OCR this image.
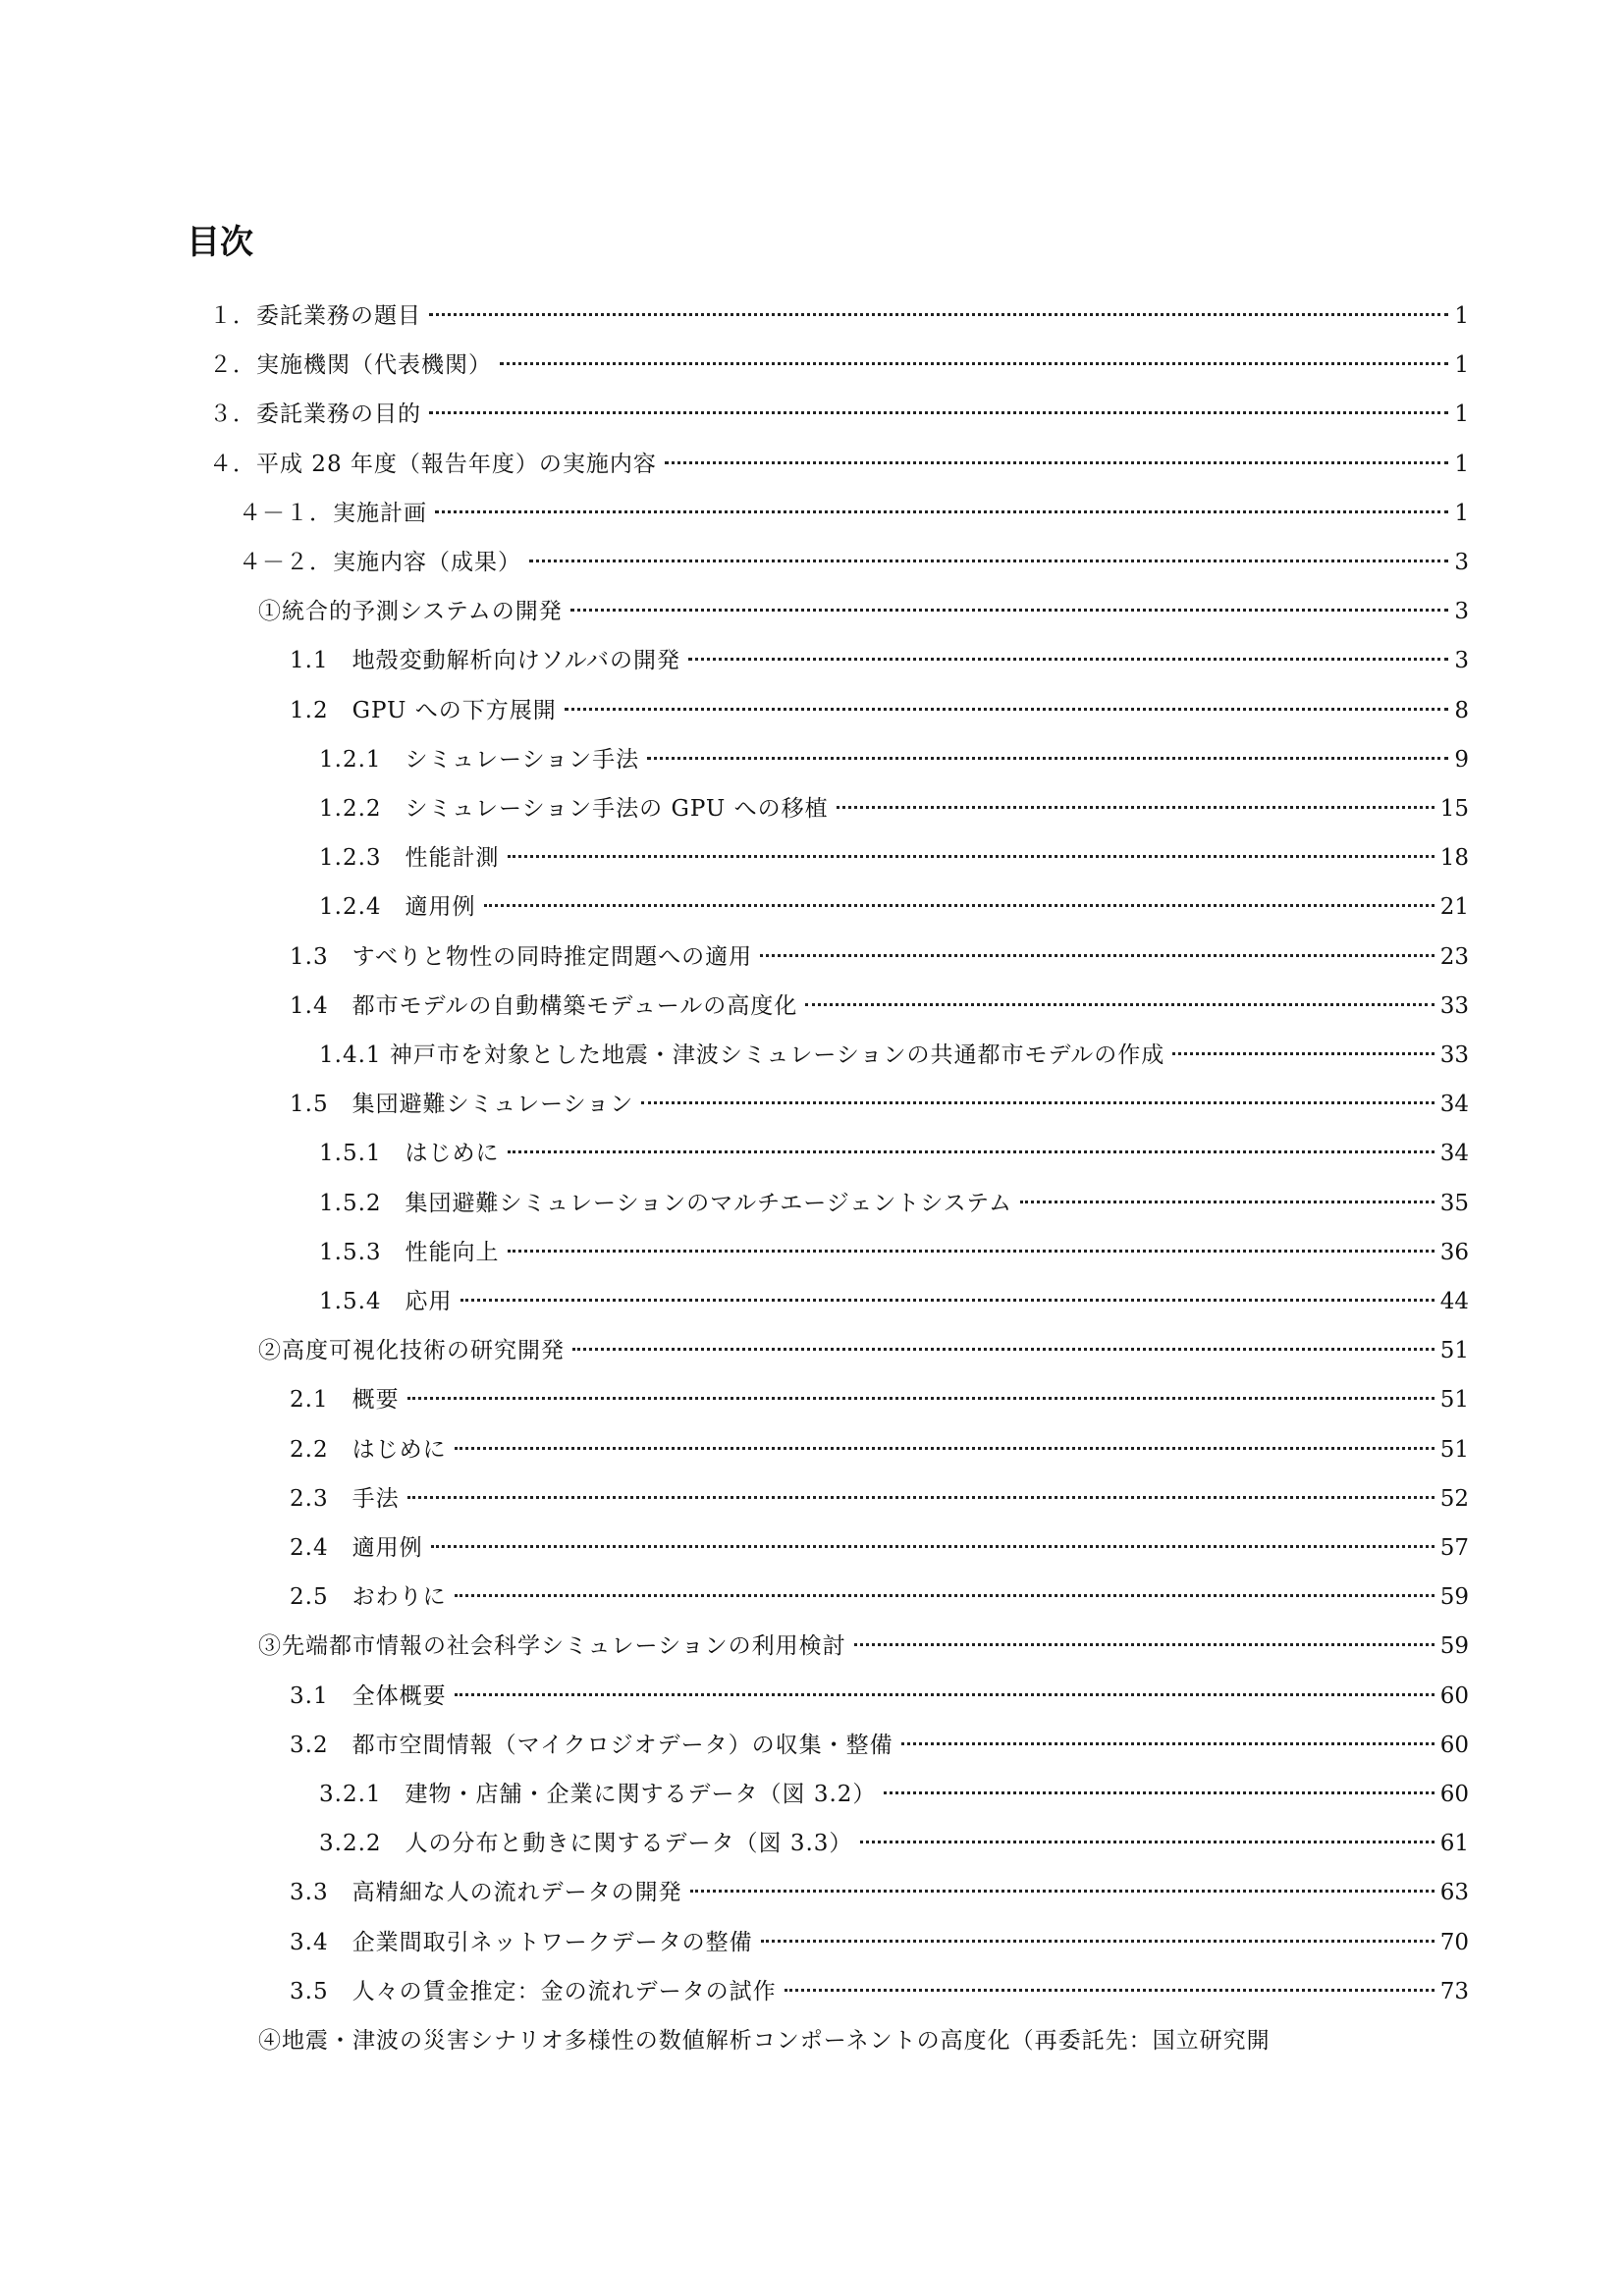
目次
１．委託業務の題目	1
２．実施機関（代表機関）	1
３．委託業務の目的	1
４．平成 28 年度（報告年度）の実施内容	1
４－１．実施計画	1
４－２．実施内容（成果）	3
①統合的予測システムの開発	3
1.1　地殻変動解析向けソルバの開発	3
1.2　GPU への下方展開	8
1.2.1　シミュレーション手法	9
1.2.2　シミュレーション手法の GPU への移植	15
1.2.3　性能計測	18
1.2.4　適用例	21
1.3　すべりと物性の同時推定問題への適用	23
1.4　都市モデルの自動構築モデュールの高度化	33
1.4.1 神戸市を対象とした地震・津波シミュレーションの共通都市モデルの作成	33
1.5　集団避難シミュレーション	34
1.5.1　はじめに	34
1.5.2　集団避難シミュレーションのマルチエージェントシステム	35
1.5.3　性能向上	36
1.5.4　応用	44
②高度可視化技術の研究開発	51
2.1　概要	51
2.2　はじめに	51
2.3　手法	52
2.4　適用例	57
2.5　おわりに	59
③先端都市情報の社会科学シミュレーションの利用検討	59
3.1　全体概要	60
3.2　都市空間情報（マイクロジオデータ）の収集・整備	60
3.2.1　建物・店舗・企業に関するデータ（図 3.2）	60
3.2.2　人の分布と動きに関するデータ（図 3.3）	61
3.3　高精細な人の流れデータの開発	63
3.4　企業間取引ネットワークデータの整備	70
3.5　人々の賃金推定：金の流れデータの試作	73
④地震・津波の災害シナリオ多様性の数値解析コンポーネントの高度化（再委託先：国立研究開
